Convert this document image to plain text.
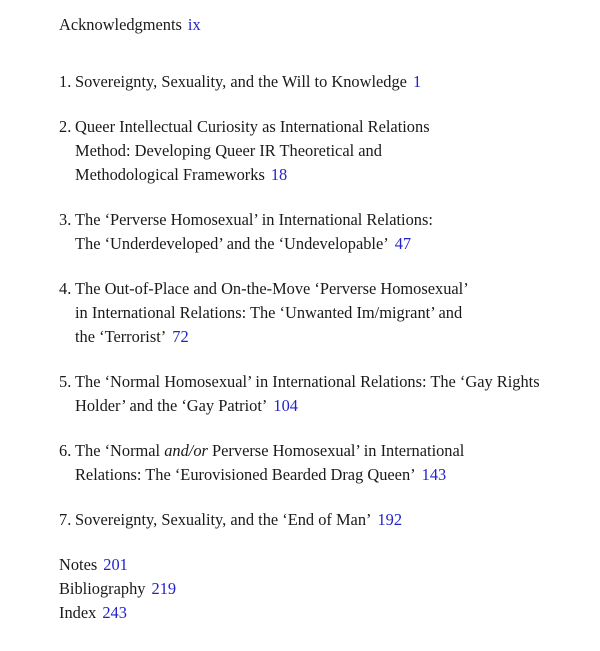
Acknowledgments ix
1. Sovereignty, Sexuality, and the Will to Knowledge 1
2. Queer Intellectual Curiosity as International Relations
Method: Developing Queer IR Theoretical and
Methodological Frameworks 18
3. The ‘Perverse Homosexual’ in International Relations:
The ‘Underdeveloped’ and the ‘Undevelopable’ 47
4. The Out-of-Place and On-the-Move ‘Perverse Homosexual’
in International Relations: The ‘Unwanted Im/migrant’ and
the ‘Terrorist’ 72
5. The ‘Normal Homosexual’ in International Relations: The ‘Gay Rights
Holder’ and the ‘Gay Patriot’ 104
6. The ‘Normal and/or Perverse Homosexual’ in International
Relations: The ‘Eurovisioned Bearded Drag Queen’ 143
7. Sovereignty, Sexuality, and the ‘End of Man’ 192
Notes 201
Bibliography 219
Index 243
